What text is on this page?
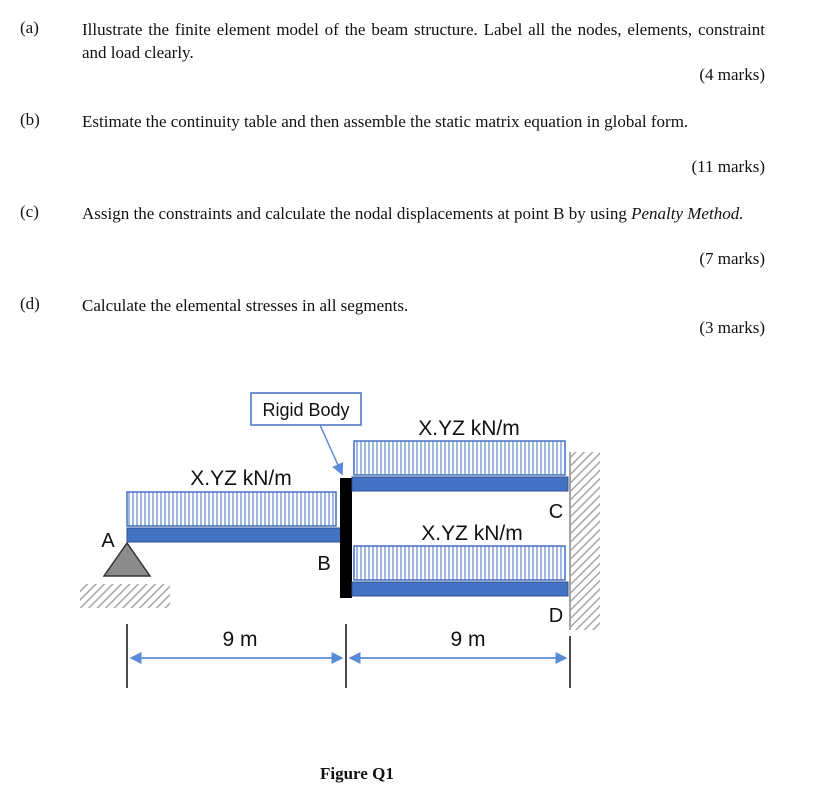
(a)	Illustrate the finite element model of the beam structure. Label all the nodes, elements, constraint and load clearly.
(4 marks)
(b) Estimate the continuity table and then assemble the static matrix equation in global form.
(11 marks)
(c)	Assign the constraints and calculate the nodal displacements at point B by using Penalty Method.
(7 marks)
(d) Calculate the elemental stresses in all segments.
(3 marks)
Rigid Body
X.YZ kN/m
X.YZ kN/m
X.YZ kN/m
A
B
C
D
9 m	9 m
Figure Q1
